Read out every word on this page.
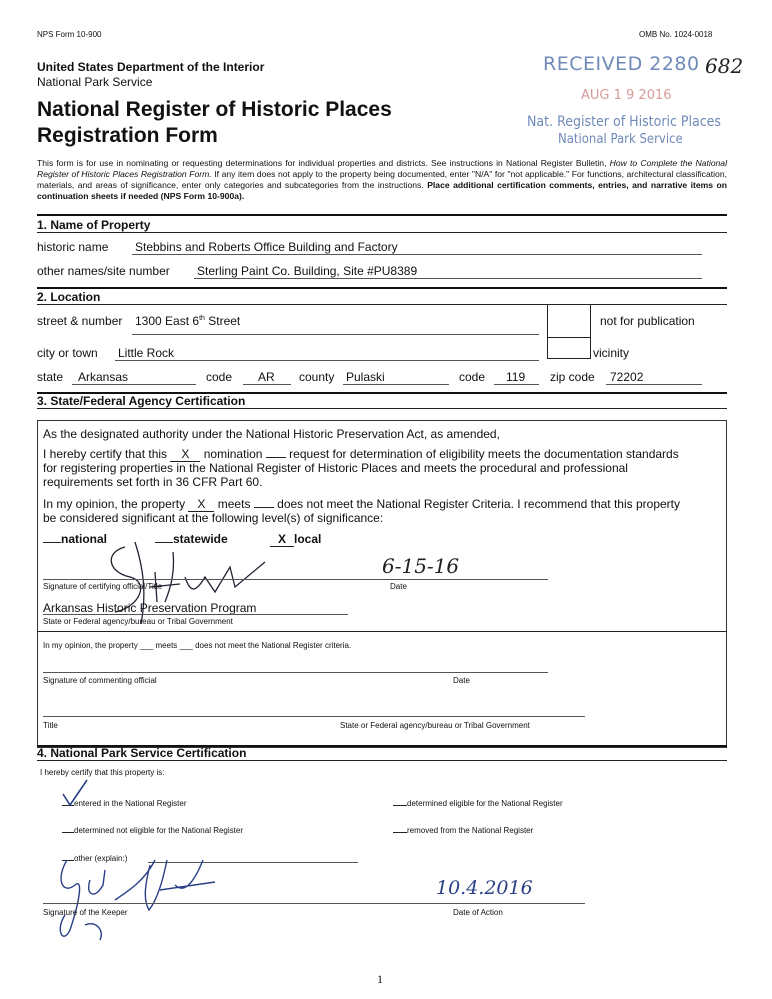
NPS Form 10-900	OMB No. 1024-0018
United States Department of the Interior
National Park Service
National Register of Historic Places
Registration Form
RECEIVED 2280 682
AUG 1 9 2016
Nat. Register of Historic Places
National Park Service
This form is for use in nominating or requesting determinations for individual properties and districts. See instructions in National Register Bulletin, How to Complete the National Register of Historic Places Registration Form. If any item does not apply to the property being documented, enter "N/A" for "not applicable." For functions, architectural classification, materials, and areas of significance, enter only categories and subcategories from the instructions. Place additional certification comments, entries, and narrative items on continuation sheets if needed (NPS Form 10-900a).
1. Name of Property
historic name Stebbins and Roberts Office Building and Factory
other names/site number Sterling Paint Co. Building, Site #PU8389
2. Location
street & number 1300 East 6th Street	not for publication
city or town Little Rock	vicinity
state Arkansas	code AR county Pulaski	code 119 zip code 72202
3. State/Federal Agency Certification
As the designated authority under the National Historic Preservation Act, as amended,
I hereby certify that this X nomination request for determination of eligibility meets the documentation standards
for registering properties in the National Register of Historic Places and meets the procedural and professional
requirements set forth in 36 CFR Part 60.
In my opinion, the property X meets does not meet the National Register Criteria. I recommend that this property
be considered significant at the following level(s) of significance:
national	statewide	X local
Signature of certifying official/Title	Date
6-15-16
Arkansas Historic Preservation Program
State or Federal agency/bureau or Tribal Government
In my opinion, the property ___ meets ___ does not meet the National Register criteria.
Signature of commenting official	Date
Title	State or Federal agency/bureau or Tribal Government
4. National Park Service Certification
I hereby certify that this property is:
entered in the National Register	determined eligible for the National Register
determined not eligible for the National Register	removed from the National Register
other (explain:)
Signature of the Keeper	Date of Action
10.4.2016
1
